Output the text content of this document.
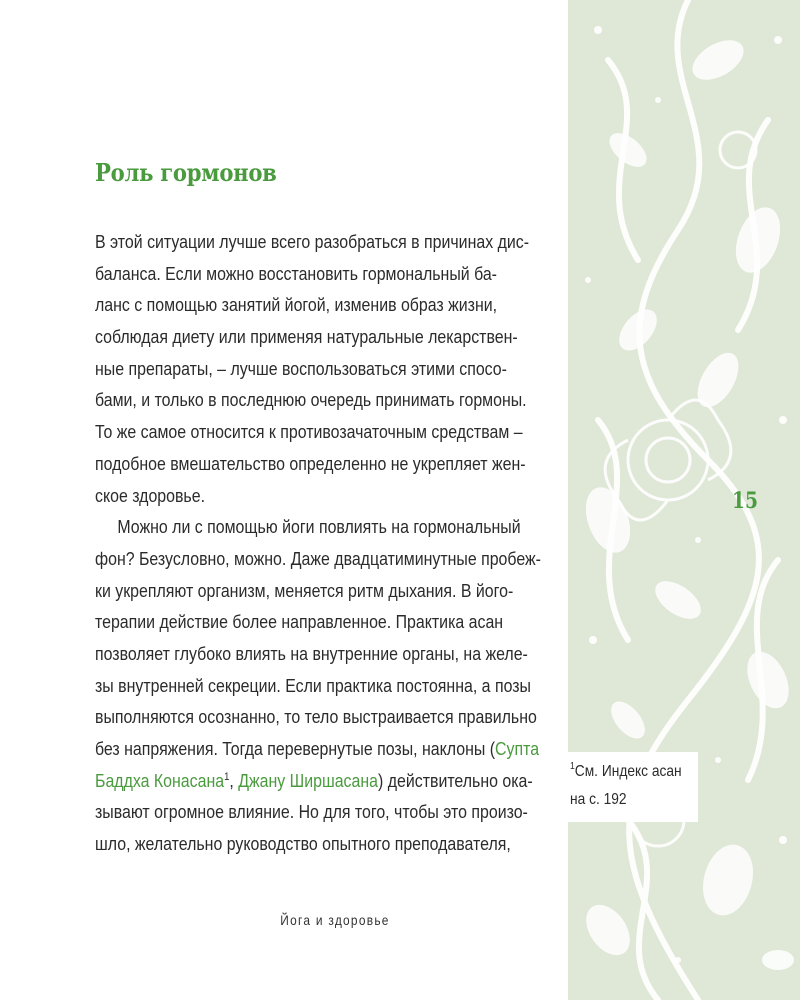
Роль гормонов
В этой ситуации лучше всего разобраться в причинах дис-
баланса. Если можно восстановить гормональный ба-
ланс с помощью занятий йогой, изменив образ жизни,
соблюдая диету или применяя натуральные лекарствен-
ные препараты, – лучше воспользоваться этими спосо-
бами, и только в последнюю очередь принимать гормоны.
То же самое относится к противозачаточным средствам –
подобное вмешательство определенно не укрепляет жен-
ское здоровье.
Можно ли с помощью йоги повлиять на гормональный
фон? Безусловно, можно. Даже двадцатиминутные пробеж-
ки укрепляют организм, меняется ритм дыхания. В його-
терапии действие более направленное. Практика асан
позволяет глубоко влиять на внутренние органы, на желе-
зы внутренней секреции. Если практика постоянна, а позы
выполняются осознанно, то тело выстраивается правильно
без напряжения. Тогда перевернутые позы, наклоны (Супта
Баддха Конасана$^1$, Джану Ширшасана) действительно ока-
зывают огромное влияние. Но для того, чтобы это произо-
шло, желательно руководство опытного преподавателя,
15
$^1$См. Индекс асан
на с. 192
Йога и здоровье
